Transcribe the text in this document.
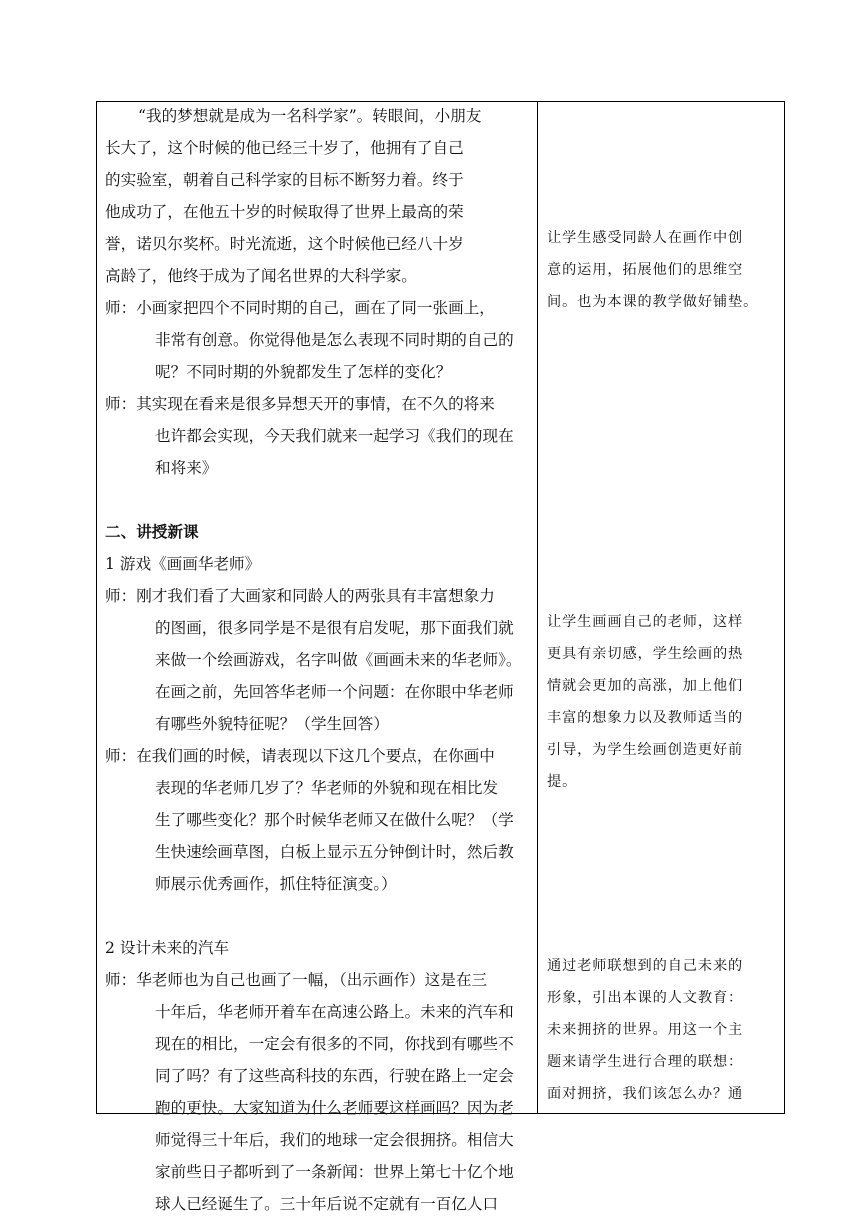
“我的梦想就是成为一名科学家”。转眼间，小朋友
长大了，这个时候的他已经三十岁了，他拥有了自己
的实验室，朝着自己科学家的目标不断努力着。终于
他成功了，在他五十岁的时候取得了世界上最高的荣
誉，诺贝尔奖杯。时光流逝，这个时候他已经八十岁
高龄了，他终于成为了闻名世界的大科学家。
师：小画家把四个不同时期的自己，画在了同一张画上，
非常有创意。你觉得他是怎么表现不同时期的自己的
呢？不同时期的外貌都发生了怎样的变化？
师：其实现在看来是很多异想天开的事情，在不久的将来
也许都会实现，今天我们就来一起学习《我们的现在
和将来》
二、讲授新课
1 游戏《画画华老师》
师：刚才我们看了大画家和同龄人的两张具有丰富想象力
的图画，很多同学是不是很有启发呢，那下面我们就
来做一个绘画游戏，名字叫做《画画未来的华老师》。
在画之前，先回答华老师一个问题：在你眼中华老师
有哪些外貌特征呢？（学生回答）
师：在我们画的时候，请表现以下这几个要点，在你画中
表现的华老师几岁了？华老师的外貌和现在相比发
生了哪些变化？那个时候华老师又在做什么呢？（学
生快速绘画草图，白板上显示五分钟倒计时，然后教
师展示优秀画作，抓住特征演变。）
2 设计未来的汽车
师：华老师也为自己也画了一幅，（出示画作）这是在三
十年后，华老师开着车在高速公路上。未来的汽车和
现在的相比，一定会有很多的不同，你找到有哪些不
同了吗？有了这些高科技的东西，行驶在路上一定会
跑的更快。大家知道为什么老师要这样画吗？因为老
师觉得三十年后，我们的地球一定会很拥挤。相信大
家前些日子都听到了一条新闻：世界上第七十亿个地
球人已经诞生了。三十年后说不定就有一百亿人口
让学生感受同龄人在画作中创
意的运用，拓展他们的思维空
间。也为本课的教学做好铺垫。
让学生画画自己的老师，这样
更具有亲切感，学生绘画的热
情就会更加的高涨，加上他们
丰富的想象力以及教师适当的
引导，为学生绘画创造更好前
提。
通过老师联想到的自己未来的
形象，引出本课的人文教育：
未来拥挤的世界。用这一个主
题来请学生进行合理的联想：
面对拥挤，我们该怎么办？通
